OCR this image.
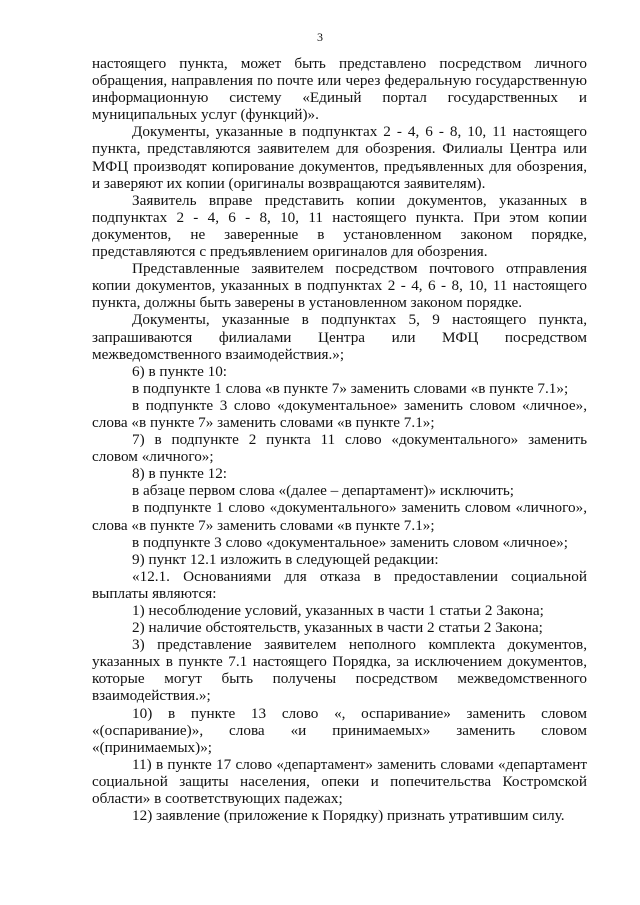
3

настоящего пункта, может быть представлено посредством личного обращения, направления по почте или через федеральную государственную информационную систему «Единый портал государственных и муниципальных услуг (функций)».

Документы, указанные в подпунктах 2 - 4, 6 - 8, 10, 11 настоящего пункта, представляются заявителем для обозрения. Филиалы Центра или МФЦ производят копирование документов, предъявленных для обозрения, и заверяют их копии (оригиналы возвращаются заявителям).

Заявитель вправе представить копии документов, указанных в подпунктах 2 - 4, 6 - 8, 10, 11 настоящего пункта. При этом копии документов, не заверенные в установленном законом порядке, представляются с предъявлением оригиналов для обозрения.

Представленные заявителем посредством почтового отправления копии документов, указанных в подпунктах 2 - 4, 6 - 8, 10, 11 настоящего пункта, должны быть заверены в установленном законом порядке.

Документы, указанные в подпунктах 5, 9 настоящего пункта, запрашиваются филиалами Центра или МФЦ посредством межведомственного взаимодействия.»;

6) в пункте 10:

в подпункте 1 слова «в пункте 7» заменить словами «в пункте 7.1»;

в подпункте 3 слово «документальное» заменить словом «личное», слова «в пункте 7» заменить словами «в пункте 7.1»;

7) в подпункте 2 пункта 11 слово «документального» заменить словом «личного»;

8) в пункте 12:

в абзаце первом слова «(далее – департамент)» исключить;

в подпункте 1 слово «документального» заменить словом «личного», слова «в пункте 7» заменить словами «в пункте 7.1»;

в подпункте 3 слово «документальное» заменить словом «личное»;

9) пункт 12.1 изложить в следующей редакции:

«12.1. Основаниями для отказа в предоставлении социальной выплаты являются:

1) несоблюдение условий, указанных в части 1 статьи 2 Закона;

2) наличие обстоятельств, указанных в части 2 статьи 2 Закона;

3) представление заявителем неполного комплекта документов, указанных в пункте 7.1 настоящего Порядка, за исключением документов, которые могут быть получены посредством межведомственного взаимодействия.»;

10) в пункте 13 слово «, оспаривание» заменить словом «(оспаривание)», слова «и принимаемых» заменить словом «(принимаемых)»;

11) в пункте 17 слово «департамент» заменить словами «департамент социальной защиты населения, опеки и попечительства Костромской области» в соответствующих падежах;

12) заявление (приложение к Порядку) признать утратившим силу.
